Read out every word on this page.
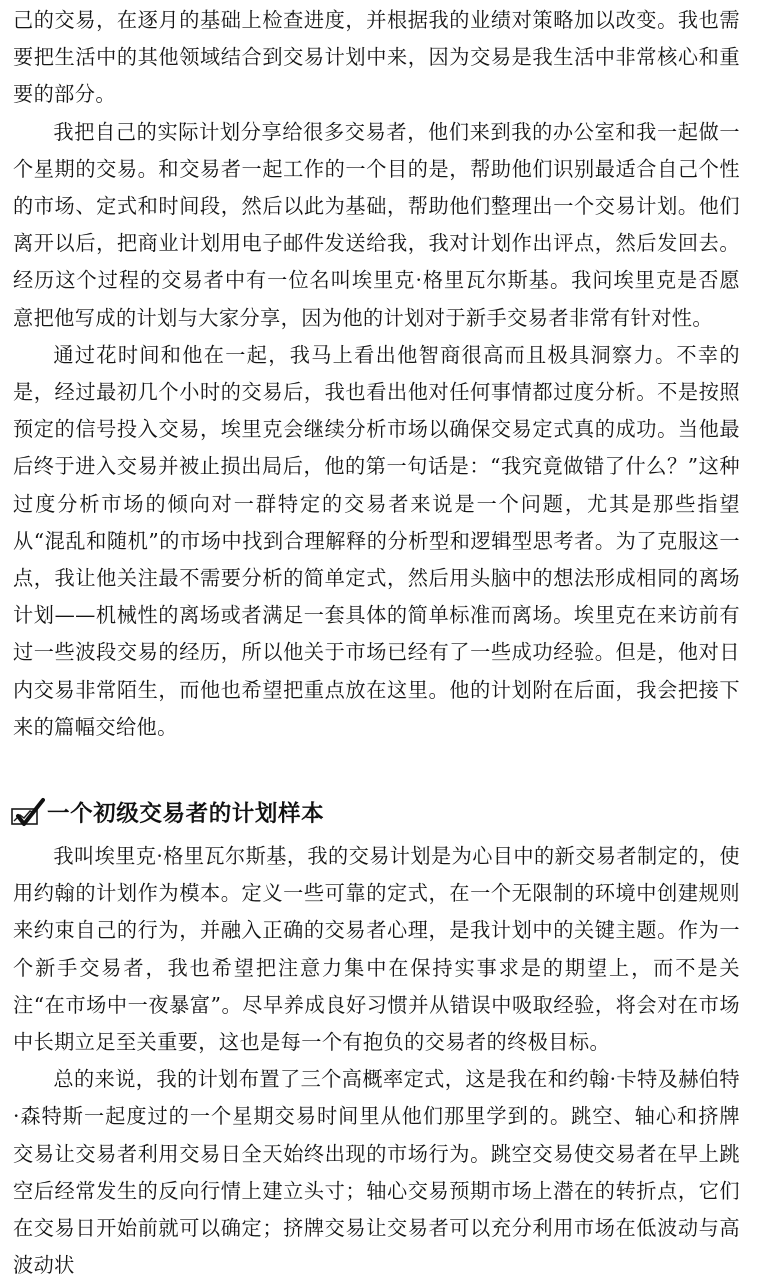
己的交易，在逐月的基础上检查进度，并根据我的业绩对策略加以改变。我也需要把生活中的其他领域结合到交易计划中来，因为交易是我生活中非常核心和重要的部分。

我把自己的实际计划分享给很多交易者，他们来到我的办公室和我一起做一个星期的交易。和交易者一起工作的一个目的是，帮助他们识别最适合自己个性的市场、定式和时间段，然后以此为基础，帮助他们整理出一个交易计划。他们离开以后，把商业计划用电子邮件发送给我，我对计划作出评点，然后发回去。经历这个过程的交易者中有一位名叫埃里克·格里瓦尔斯基。我问埃里克是否愿意把他写成的计划与大家分享，因为他的计划对于新手交易者非常有针对性。

通过花时间和他在一起，我马上看出他智商很高而且极具洞察力。不幸的是，经过最初几个小时的交易后，我也看出他对任何事情都过度分析。不是按照预定的信号投入交易，埃里克会继续分析市场以确保交易定式真的成功。当他最后终于进入交易并被止损出局后，他的第一句话是：“我究竟做错了什么？”这种过度分析市场的倾向对一群特定的交易者来说是一个问题，尤其是那些指望从“混乱和随机”的市场中找到合理解释的分析型和逻辑型思考者。为了克服这一点，我让他关注最不需要分析的简单定式，然后用头脑中的想法形成相同的离场计划——机械性的离场或者满足一套具体的简单标准而离场。埃里克在来访前有过一些波段交易的经历，所以他关于市场已经有了一些成功经验。但是，他对日内交易非常陌生，而他也希望把重点放在这里。他的计划附在后面，我会把接下来的篇幅交给他。

一个初级交易者的计划样本

我叫埃里克·格里瓦尔斯基，我的交易计划是为心目中的新交易者制定的，使用约翰的计划作为模本。定义一些可靠的定式，在一个无限制的环境中创建规则来约束自己的行为，并融入正确的交易者心理，是我计划中的关键主题。作为一个新手交易者，我也希望把注意力集中在保持实事求是的期望上，而不是关注“在市场中一夜暴富”。尽早养成良好习惯并从错误中吸取经验，将会对在市场中长期立足至关重要，这也是每一个有抱负的交易者的终极目标。

总的来说，我的计划布置了三个高概率定式，这是我在和约翰·卡特及赫伯特·森特斯一起度过的一个星期交易时间里从他们那里学到的。跳空、轴心和挤牌交易让交易者利用交易日全天始终出现的市场行为。跳空交易使交易者在早上跳空后经常发生的反向行情上建立头寸；轴心交易预期市场上潜在的转折点，它们在交易日开始前就可以确定；挤牌交易让交易者可以充分利用市场在低波动与高波动状
